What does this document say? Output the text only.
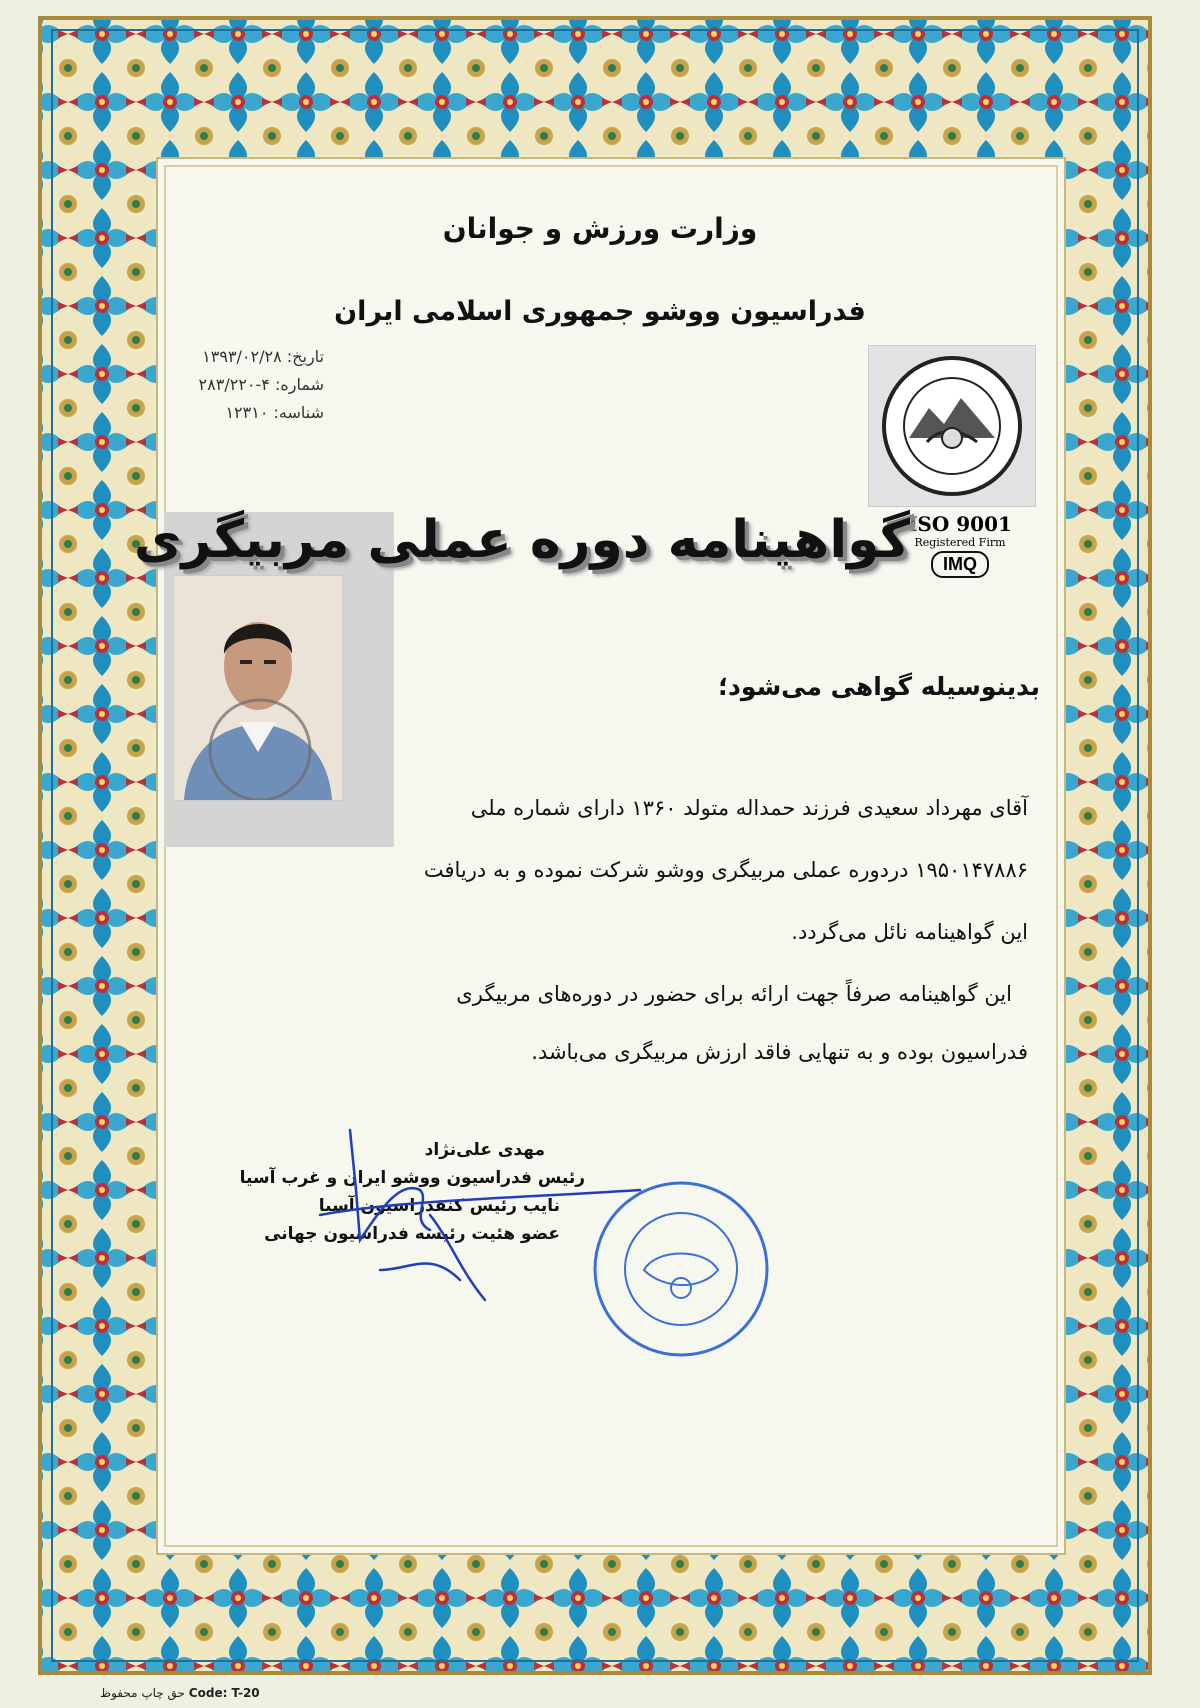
وزارت ورزش و جوانان
فدراسیون ووشو جمهوری اسلامی ایران
تاریخ: ۱۳۹۳/۰۲/۲۸
شماره: ۴-۲۸۳/۲۲۰
شناسه: ۱۲۳۱۰
ISO 9001
Registered Firm
IMQ
گواهینامه دوره عملی مربیگری
بدینوسیله گواهی می‌شود؛
آقای مهرداد سعیدی فرزند حمداله متولد ۱۳۶۰ دارای شماره ملی
۱۹۵۰۱۴۷۸۸۶ دردوره عملی مربیگری ووشو شرکت نموده و به دریافت
این گواهینامه نائل می‌گردد.
این گواهینامه صرفاً جهت ارائه برای حضور در دوره‌های مربیگری
فدراسیون بوده و به تنهایی فاقد ارزش مربیگری می‌باشد.
مهدی علی‌نژاد
رئیس فدراسیون ووشو ایران و غرب آسیا
نایب رئیس کنفدراسیون آسیا
عضو هئیت رئیسه فدراسیون جهانی
حق چاپ محفوظ Code: T-20
